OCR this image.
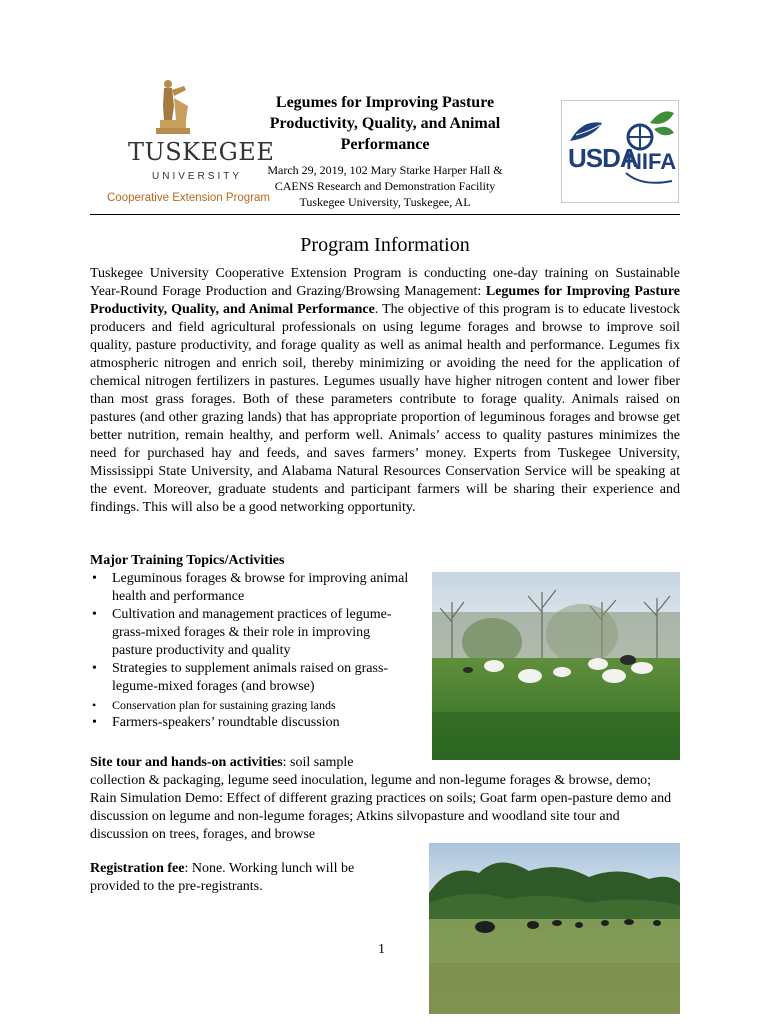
TUSKEGEE
UNIVERSITY
Cooperative Extension Program
Legumes for Improving Pasture Productivity, Quality, and Animal Performance
March 29, 2019, 102 Mary Starke Harper Hall &
CAENS Research and Demonstration Facility
Tuskegee University, Tuskegee, AL
USDA
NIFA
Program Information
Tuskegee University Cooperative Extension Program is conducting one-day training on Sustainable Year-Round Forage Production and Grazing/Browsing Management: Legumes for Improving Pasture Productivity, Quality, and Animal Performance. The objective of this program is to educate livestock producers and field agricultural professionals on using legume forages and browse to improve soil quality, pasture productivity, and forage quality as well as animal health and performance. Legumes fix atmospheric nitrogen and enrich soil, thereby minimizing or avoiding the need for the application of chemical nitrogen fertilizers in pastures. Legumes usually have higher nitrogen content and lower fiber than most grass forages. Both of these parameters contribute to forage quality. Animals raised on pastures (and other grazing lands) that has appropriate proportion of leguminous forages and browse get better nutrition, remain healthy, and perform well. Animals’ access to quality pastures minimizes the need for purchased hay and feeds, and saves farmers’ money. Experts from Tuskegee University, Mississippi State University, and Alabama Natural Resources Conservation Service will be speaking at the event. Moreover, graduate students and participant farmers will be sharing their experience and findings. This will also be a good networking opportunity.
Major Training Topics/Activities
• Leguminous forages & browse for improving animal health and performance
• Cultivation and management practices of legume-grass-mixed forages & their role in improving pasture productivity and quality
• Strategies to supplement animals raised on grass-legume-mixed forages (and browse)
• Conservation plan for sustaining grazing lands
• Farmers-speakers’ roundtable discussion
Site tour and hands-on activities: soil sample
collection & packaging, legume seed inoculation, legume and non-legume forages & browse, demo; Rain Simulation Demo: Effect of different grazing practices on soils; Goat farm open-pasture demo and discussion on legume and non-legume forages; Atkins silvopasture and woodland site tour and discussion on trees, forages, and browse
Registration fee: None. Working lunch will be provided to the pre-registrants.
1
